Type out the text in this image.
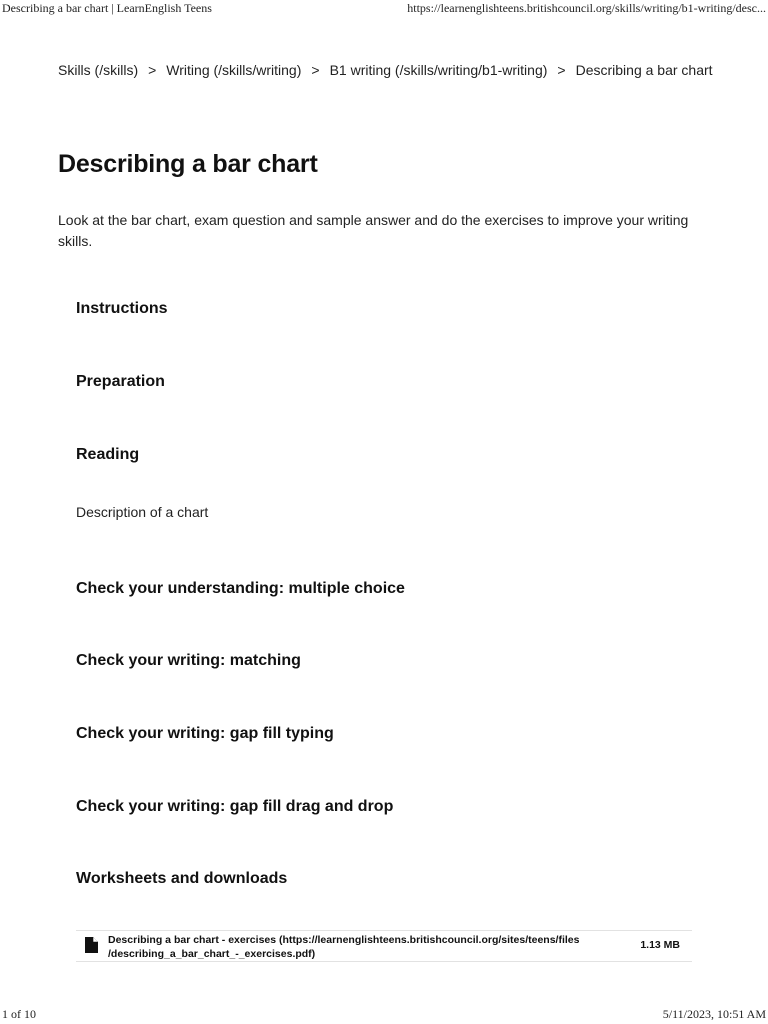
Describing a bar chart | LearnEnglish Teens	https://learnenglishteens.britishcouncil.org/skills/writing/b1-writing/desc...
Skills (/skills) > Writing (/skills/writing) > B1 writing (/skills/writing/b1-writing) > Describing a bar chart
Describing a bar chart

Look at the bar chart, exam question and sample answer and do the exercises to improve your writing skills.

Instructions
Preparation
Reading

Description of a chart

Check your understanding: multiple choice
Check your writing: matching
Check your writing: gap fill typing
Check your writing: gap fill drag and drop
Worksheets and downloads
Describing a bar chart - exercises (https://learnenglishteens.britishcouncil.org/sites/teens/files
/describing_a_bar_chart_-_exercises.pdf)
1.13 MB
1 of 10	5/11/2023, 10:51 AM
